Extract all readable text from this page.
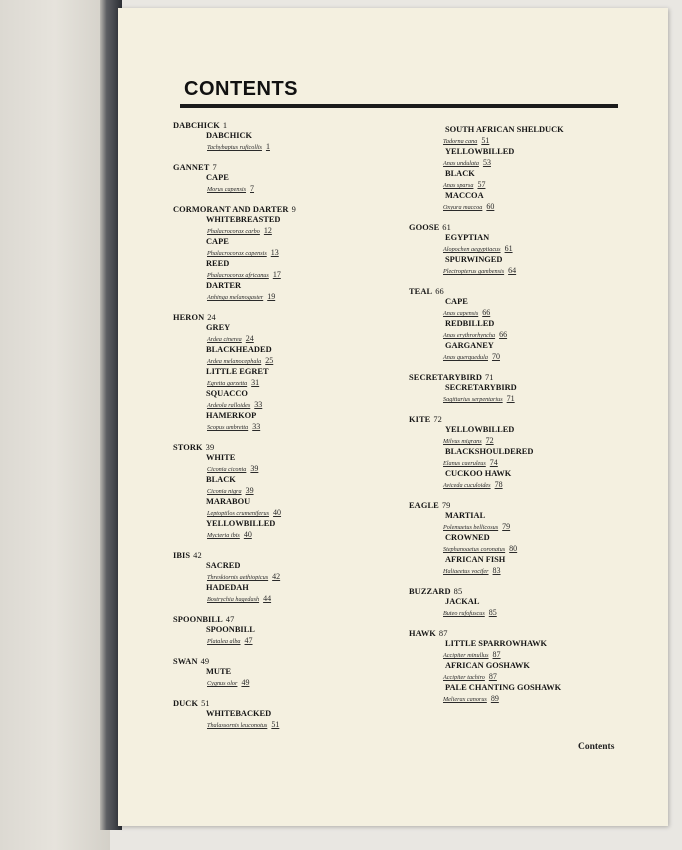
CONTENTS
DABCHICK 1
DABCHICK
Tachybaptus ruficollis 1
GANNET 7
CAPE
Morus capensis 7
CORMORANT AND DARTER 9
WHITEBREASTED
Phalacrocorax carbo 12
CAPE
Phalacrocorax capensis 13
REED
Phalacrocorax africanus 17
DARTER
Anhinga melanogaster 19
HERON 24
GREY
Ardea cinerea 24
BLACKHEADED
Ardea melanocephala 25
LITTLE EGRET
Egretta garzetta 31
SQUACCO
Ardeola ralloides 33
HAMERKOP
Scopus umbretta 33
STORK 39
WHITE
Ciconia ciconia 39
BLACK
Ciconia nigra 39
MARABOU
Leptoptilos crumeniferus 40
YELLOWBILLED
Mycteria ibis 40
IBIS 42
SACRED
Threskiornis aethiopicus 42
HADEDAH
Bostrychia hagedash 44
SPOONBILL 47
SPOONBILL
Platalea alba 47
SWAN 49
MUTE
Cygnus olor 49
DUCK 51
WHITEBACKED
Thalassornis leuconotus 51
SOUTH AFRICAN SHELDUCK
Tadorna cana 51
YELLOWBILLED
Anas undulata 53
BLACK
Anas sparsa 57
MACCOA
Oxyura maccoa 60
GOOSE 61
EGYPTIAN
Alopochen aegyptiacus 61
SPURWINGED
Plectropterus gambensis 64
TEAL 66
CAPE
Anas capensis 66
REDBILLED
Anas erythrorhyncha 66
GARGANEY
Anas querquedula 70
SECRETARYBIRD 71
SECRETARYBIRD
Sagittarius serpentarius 71
KITE 72
YELLOWBILLED
Milvus migrans 72
BLACKSHOULDERED
Elanus caeruleus 74
CUCKOO HAWK
Aviceda cuculoides 78
EAGLE 79
MARTIAL
Polemaetus bellicosus 79
CROWNED
Stephanoaetus coronatus 80
AFRICAN FISH
Haliaeetus vocifer 83
BUZZARD 85
JACKAL
Buteo rufofuscus 85
HAWK 87
LITTLE SPARROWHAWK
Accipiter minullus 87
AFRICAN GOSHAWK
Accipiter tachiro 87
PALE CHANTING GOSHAWK
Melierax canorus 89
Contents
